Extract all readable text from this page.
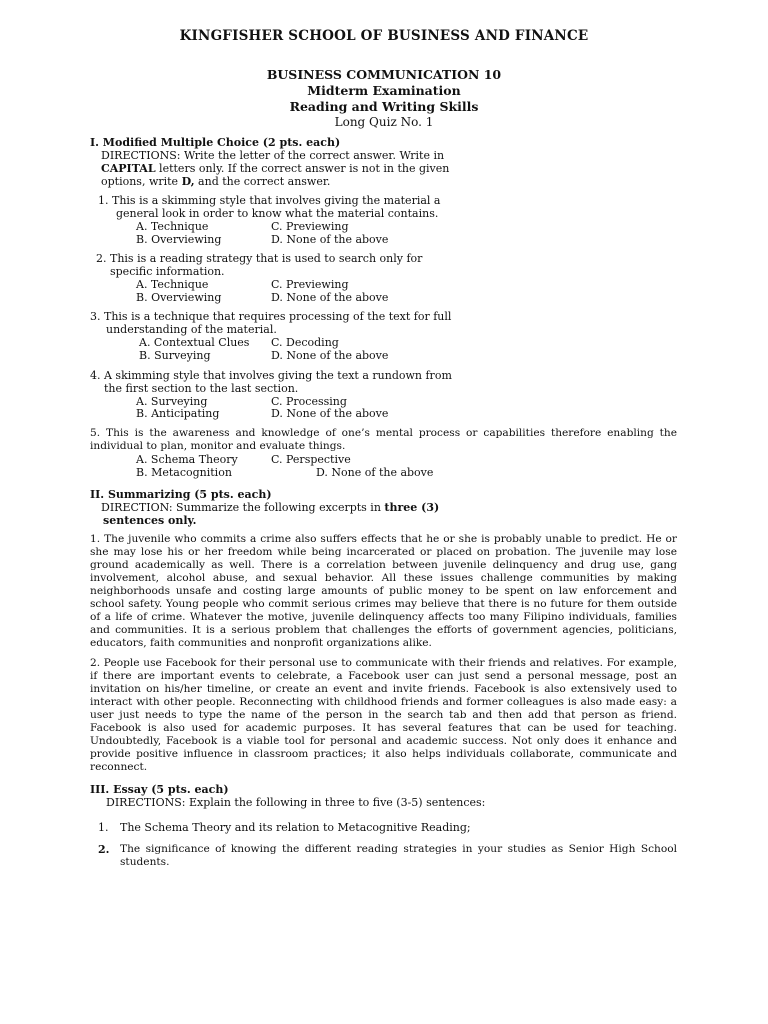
KINGFISHER SCHOOL OF BUSINESS AND FINANCE
BUSINESS COMMUNICATION 10
Midterm Examination
Reading and Writing Skills
Long Quiz No. 1
I. Modified Multiple Choice (2 pts. each)
DIRECTIONS: Write the letter of the correct answer. Write in
CAPITAL letters only. If the correct answer is not in the given
options, write D, and the correct answer.
1. This is a skimming style that involves giving the material a
general look in order to know what the material contains.
A. Technique	C. Previewing
B. Overviewing	D. None of the above
2. This is a reading strategy that is used to search only for
specific information.
A. Technique	C. Previewing
B. Overviewing	D. None of the above
3. This is a technique that requires processing of the text for full
understanding of the material.
A. Contextual Clues C. Decoding
B. Surveying	D. None of the above
4. A skimming style that involves giving the text a rundown from
the first section to the last section.
A. Surveying	C. Processing
B. Anticipating	D. None of the above
5. This is the awareness and knowledge of one’s mental process or capabilities therefore enabling the individual to plan, monitor and evaluate things.
A. Schema Theory	C. Perspective
B. Metacognition	D. None of the above
II. Summarizing (5 pts. each)
DIRECTION: Summarize the following excerpts in three (3)
sentences only.
1. The juvenile who commits a crime also suffers effects that he or she is probably unable to predict. He or she may lose his or her freedom while being incarcerated or placed on probation. The juvenile may lose ground academically as well. There is a correlation between juvenile delinquency and drug use, gang involvement, alcohol abuse, and sexual behavior. All these issues challenge communities by making neighborhoods unsafe and costing large amounts of public money to be spent on law enforcement and school safety. Young people who commit serious crimes may believe that there is no future for them outside of a life of crime. Whatever the motive, juvenile delinquency affects too many Filipino individuals, families and communities. It is a serious problem that challenges the efforts of government agencies, politicians, educators, faith communities and nonprofit organizations alike.
2. People use Facebook for their personal use to communicate with their friends and relatives. For example, if there are important events to celebrate, a Facebook user can just send a personal message, post an invitation on his/her timeline, or create an event and invite friends. Facebook is also extensively used to interact with other people. Reconnecting with childhood friends and former colleagues is also made easy: a user just needs to type the name of the person in the search tab and then add that person as friend. Facebook is also used for academic purposes. It has several features that can be used for teaching. Undoubtedly, Facebook is a viable tool for personal and academic success. Not only does it enhance and provide positive influence in classroom practices; it also helps individuals collaborate, communicate and reconnect.
III. Essay (5 pts. each)
DIRECTIONS: Explain the following in three to five (3-5) sentences:
1. The Schema Theory and its relation to Metacognitive Reading;
2. The significance of knowing the different reading strategies in your studies as Senior High School students.
